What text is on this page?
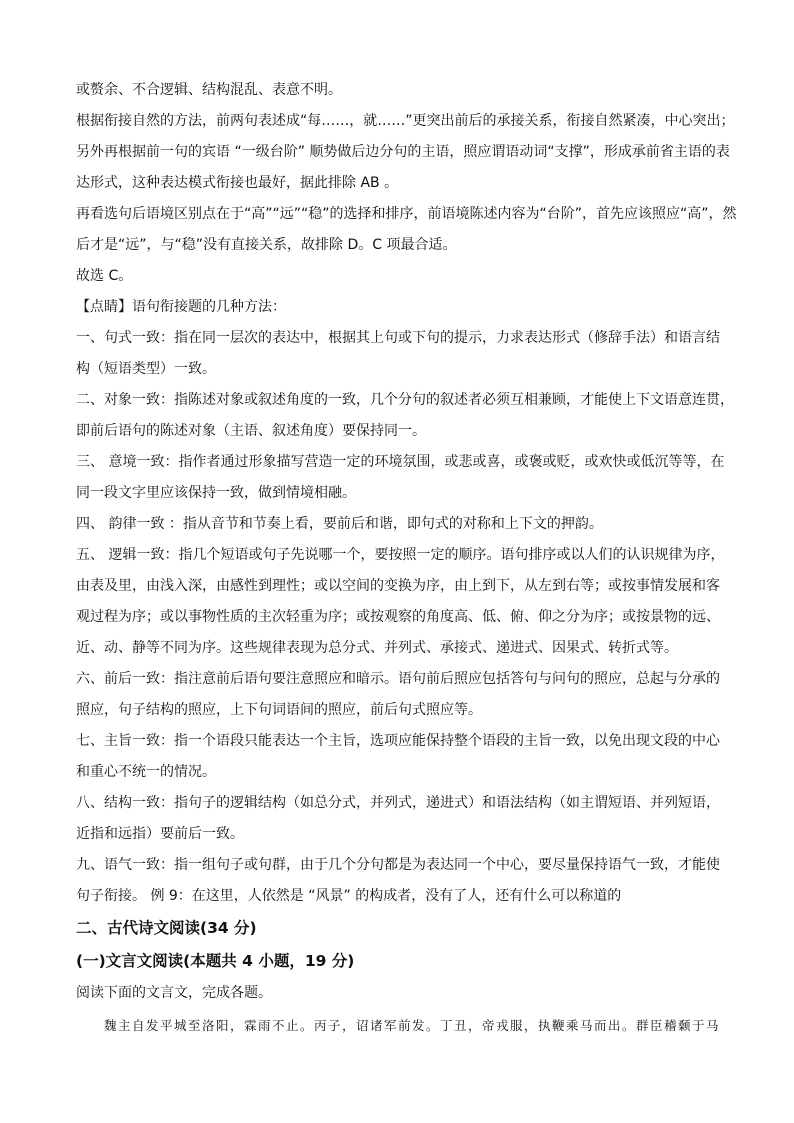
或赘余、不合逻辑、结构混乱、表意不明。
根据衔接自然的方法，前两句表述成“每……，就……”更突出前后的承接关系，衔接自然紧凑，中心突出；
另外再根据前一句的宾语 “一级台阶” 顺势做后边分句的主语，照应谓语动词“支撑”，形成承前省主语的表
达形式，这种表达模式衔接也最好，据此排除 AB 。
再看选句后语境区别点在于“高”“远”“稳”的选择和排序，前语境陈述内容为“台阶”，首先应该照应“高”，然
后才是“远”，与“稳”没有直接关系，故排除 D。C 项最合适。
故选 C。
【点睛】语句衔接题的几种方法：
一、句式一致：指在同一层次的表达中，根据其上句或下句的提示，力求表达形式（修辞手法）和语言结
构（短语类型）一致。
二、对象一致：指陈述对象或叙述角度的一致，几个分句的叙述者必须互相兼顾，才能使上下文语意连贯，
即前后语句的陈述对象（主语、叙述角度）要保持同一。
三、 意境一致：指作者通过形象描写营造一定的环境氛围，或悲或喜，或褒或贬，或欢快或低沉等等，在
同一段文字里应该保持一致，做到情境相融。
四、 韵律一致 ：指从音节和节奏上看，要前后和谐，即句式的对称和上下文的押韵。
五、 逻辑一致：指几个短语或句子先说哪一个，要按照一定的顺序。语句排序或以人们的认识规律为序，
由表及里，由浅入深，由感性到理性；或以空间的变换为序，由上到下，从左到右等；或按事情发展和客
观过程为序；或以事物性质的主次轻重为序；或按观察的角度高、低、俯、仰之分为序；或按景物的远、
近、动、静等不同为序。这些规律表现为总分式、并列式、承接式、递进式、因果式、转折式等。
六、前后一致：指注意前后语句要注意照应和暗示。语句前后照应包括答句与问句的照应，总起与分承的
照应，句子结构的照应，上下句词语间的照应，前后句式照应等。
七、主旨一致：指一个语段只能表达一个主旨，选项应能保持整个语段的主旨一致，以免出现文段的中心
和重心不统一的情况。
八、结构一致：指句子的逻辑结构（如总分式，并列式，递进式）和语法结构（如主谓短语、并列短语，
近指和远指）要前后一致。
九、语气一致：指一组句子或句群，由于几个分句都是为表达同一个中心，要尽量保持语气一致，才能使
句子衔接。 例 9：在这里，人依然是 “风景” 的构成者，没有了人，还有什么可以称道的
二、古代诗文阅读(34 分)
(一)文言文阅读(本题共 4 小题，19 分)
阅读下面的文言文，完成各题。
魏主自发平城至洛阳，霖雨不止。丙子，诏诸军前发。丁丑，帝戎服，执鞭乘马而出。群臣稽颡于马
